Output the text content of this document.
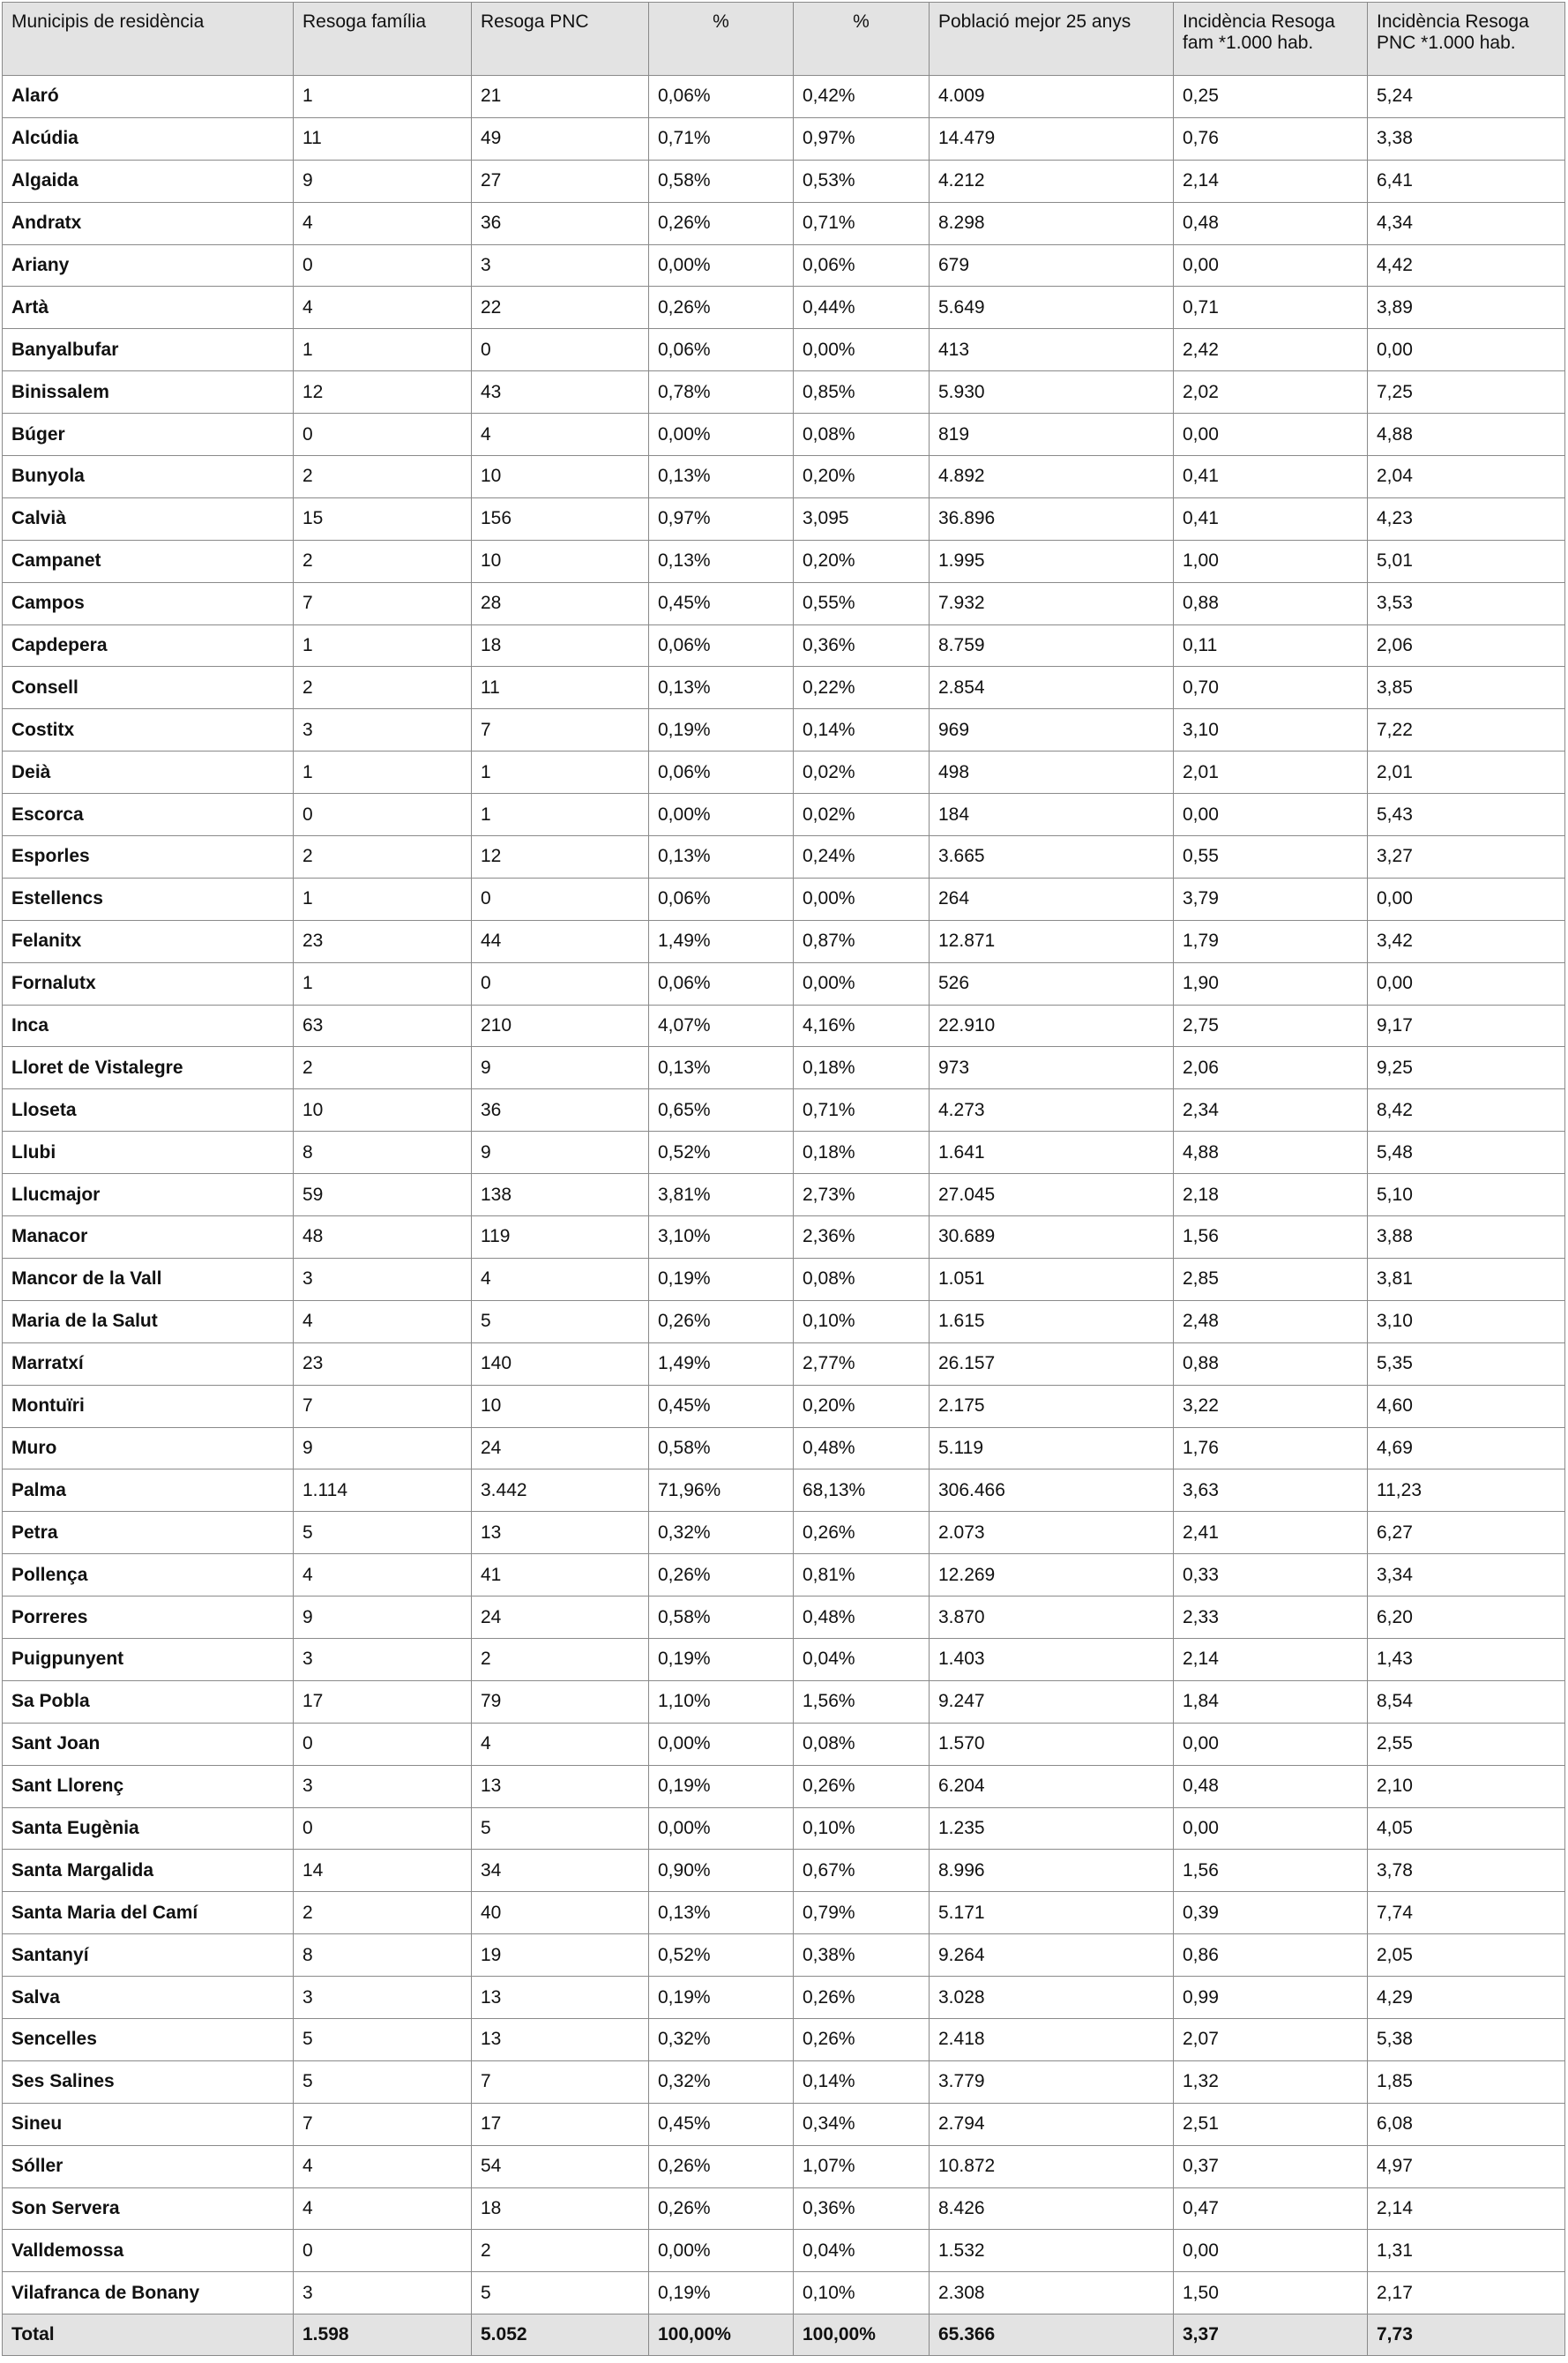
Municipis de residència	Resoga família	Resoga PNC	%	%	Població mejor 25 anys	Incidència Resoga fam *1.000 hab.	Incidència Resoga PNC *1.000 hab.
Alaró	1	21	0,06%	0,42%	4.009	0,25	5,24
Alcúdia	11	49	0,71%	0,97%	14.479	0,76	3,38
Algaida	9	27	0,58%	0,53%	4.212	2,14	6,41
Andratx	4	36	0,26%	0,71%	8.298	0,48	4,34
Ariany	0	3	0,00%	0,06%	679	0,00	4,42
Artà	4	22	0,26%	0,44%	5.649	0,71	3,89
Banyalbufar	1	0	0,06%	0,00%	413	2,42	0,00
Binissalem	12	43	0,78%	0,85%	5.930	2,02	7,25
Búger	0	4	0,00%	0,08%	819	0,00	4,88
Bunyola	2	10	0,13%	0,20%	4.892	0,41	2,04
Calvià	15	156	0,97%	3,095	36.896	0,41	4,23
Campanet	2	10	0,13%	0,20%	1.995	1,00	5,01
Campos	7	28	0,45%	0,55%	7.932	0,88	3,53
Capdepera	1	18	0,06%	0,36%	8.759	0,11	2,06
Consell	2	11	0,13%	0,22%	2.854	0,70	3,85
Costitx	3	7	0,19%	0,14%	969	3,10	7,22
Deià	1	1	0,06%	0,02%	498	2,01	2,01
Escorca	0	1	0,00%	0,02%	184	0,00	5,43
Esporles	2	12	0,13%	0,24%	3.665	0,55	3,27
Estellencs	1	0	0,06%	0,00%	264	3,79	0,00
Felanitx	23	44	1,49%	0,87%	12.871	1,79	3,42
Fornalutx	1	0	0,06%	0,00%	526	1,90	0,00
Inca	63	210	4,07%	4,16%	22.910	2,75	9,17
Lloret de Vistalegre	2	9	0,13%	0,18%	973	2,06	9,25
Lloseta	10	36	0,65%	0,71%	4.273	2,34	8,42
Llubi	8	9	0,52%	0,18%	1.641	4,88	5,48
Llucmajor	59	138	3,81%	2,73%	27.045	2,18	5,10
Manacor	48	119	3,10%	2,36%	30.689	1,56	3,88
Mancor de la Vall	3	4	0,19%	0,08%	1.051	2,85	3,81
Maria de la Salut	4	5	0,26%	0,10%	1.615	2,48	3,10
Marratxí	23	140	1,49%	2,77%	26.157	0,88	5,35
Montuïri	7	10	0,45%	0,20%	2.175	3,22	4,60
Muro	9	24	0,58%	0,48%	5.119	1,76	4,69
Palma	1.114	3.442	71,96%	68,13%	306.466	3,63	11,23
Petra	5	13	0,32%	0,26%	2.073	2,41	6,27
Pollença	4	41	0,26%	0,81%	12.269	0,33	3,34
Porreres	9	24	0,58%	0,48%	3.870	2,33	6,20
Puigpunyent	3	2	0,19%	0,04%	1.403	2,14	1,43
Sa Pobla	17	79	1,10%	1,56%	9.247	1,84	8,54
Sant Joan	0	4	0,00%	0,08%	1.570	0,00	2,55
Sant Llorenç	3	13	0,19%	0,26%	6.204	0,48	2,10
Santa Eugènia	0	5	0,00%	0,10%	1.235	0,00	4,05
Santa Margalida	14	34	0,90%	0,67%	8.996	1,56	3,78
Santa Maria del Camí	2	40	0,13%	0,79%	5.171	0,39	7,74
Santanyí	8	19	0,52%	0,38%	9.264	0,86	2,05
Salva	3	13	0,19%	0,26%	3.028	0,99	4,29
Sencelles	5	13	0,32%	0,26%	2.418	2,07	5,38
Ses Salines	5	7	0,32%	0,14%	3.779	1,32	1,85
Sineu	7	17	0,45%	0,34%	2.794	2,51	6,08
Sóller	4	54	0,26%	1,07%	10.872	0,37	4,97
Son Servera	4	18	0,26%	0,36%	8.426	0,47	2,14
Valldemossa	0	2	0,00%	0,04%	1.532	0,00	1,31
Vilafranca de Bonany	3	5	0,19%	0,10%	2.308	1,50	2,17
Total	1.598	5.052	100,00%	100,00%	65.366	3,37	7,73
